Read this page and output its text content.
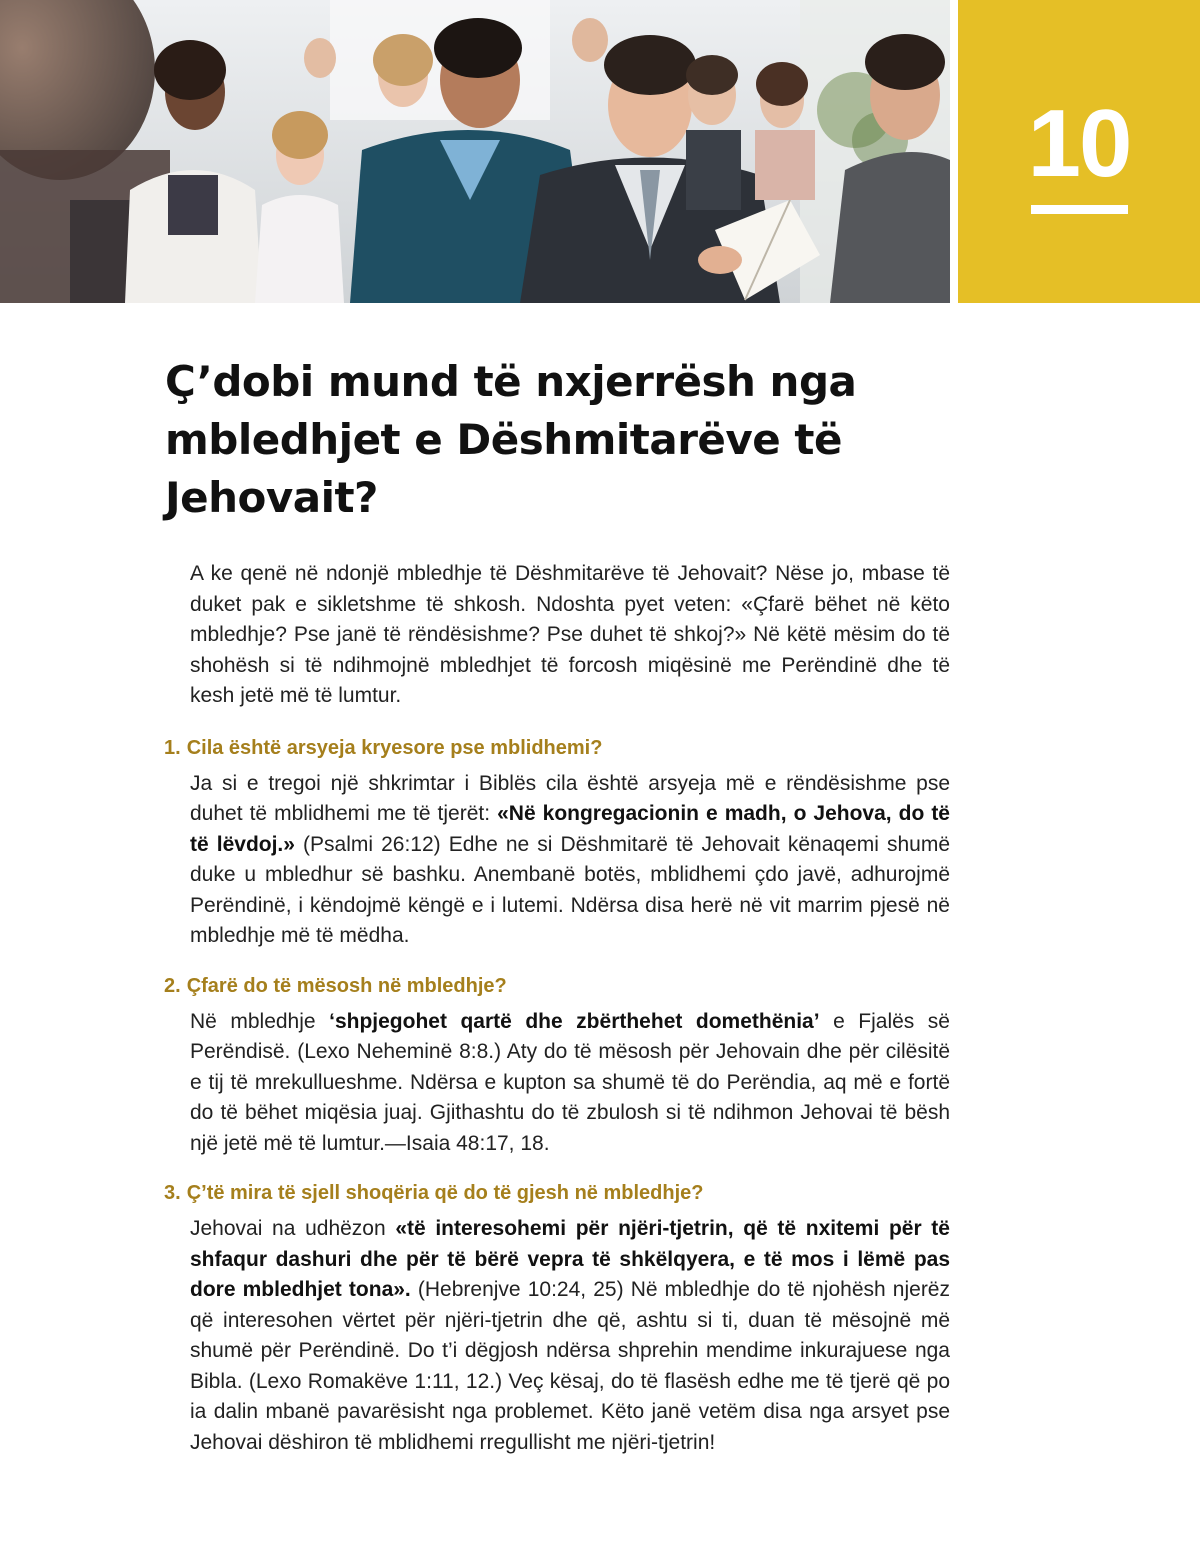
10
Ç’dobi mund të nxjerrësh nga mbledhjet e Dëshmitarëve të Jehovait?

A ke qenë në ndonjë mbledhje të Dëshmitarëve të Jehovait? Nëse jo, mbase të duket pak e sikletshme të shkosh. Ndoshta pyet veten: «Çfarë bëhet në këto mbledhje? Pse janë të rëndësishme? Pse duhet të shkoj?» Në këtë mësim do të shohësh si të ndihmojnë mbledhjet të forcosh miqësinë me Perëndinë dhe të kesh jetë më të lumtur.

1. Cila është arsyeja kryesore pse mblidhemi?

Ja si e tregoi një shkrimtar i Biblës cila është arsyeja më e rëndësishme pse duhet të mblidhemi me të tjerët: «Në kongregacionin e madh, o Jehova, do të të lëvdoj.» (Psalmi 26:12) Edhe ne si Dëshmitarë të Jehovait kënaqemi shumë duke u mbledhur së bashku. Anembanë botës, mblidhemi çdo javë, adhurojmë Perëndinë, i këndojmë këngë e i lutemi. Ndërsa disa herë në vit marrim pjesë në mbledhje më të mëdha.

2. Çfarë do të mësosh në mbledhje?

Në mbledhje ‘shpjegohet qartë dhe zbërthehet domethënia’ e Fjalës së Perëndisë. (Lexo Neheminë 8:8.) Aty do të mësosh për Jehovain dhe për cilësitë e tij të mrekullueshme. Ndërsa e kupton sa shumë të do Perëndia, aq më e fortë do të bëhet miqësia juaj. Gjithashtu do të zbulosh si të ndihmon Jehovai të bësh një jetë më të lumtur.—Isaia 48:17, 18.

3. Ç’të mira të sjell shoqëria që do të gjesh në mbledhje?

Jehovai na udhëzon «të interesohemi për njëri-tjetrin, që të nxitemi për të shfaqur dashuri dhe për të bërë vepra të shkëlqyera, e të mos i lëmë pas dore mbledhjet tona». (Hebrenjve 10:24, 25) Në mbledhje do të njohësh njerëz që interesohen vërtet për njëri-tjetrin dhe që, ashtu si ti, duan të mësojnë më shumë për Perëndinë. Do t’i dëgjosh ndërsa shprehin mendime inkurajuese nga Bibla. (Lexo Romakëve 1:11, 12.) Veç kësaj, do të flasësh edhe me të tjerë që po ia dalin mbanë pavarësisht nga problemet. Këto janë vetëm disa nga arsyet pse Jehovai dëshiron të mblidhemi rregullisht me njëri-tjetrin!
